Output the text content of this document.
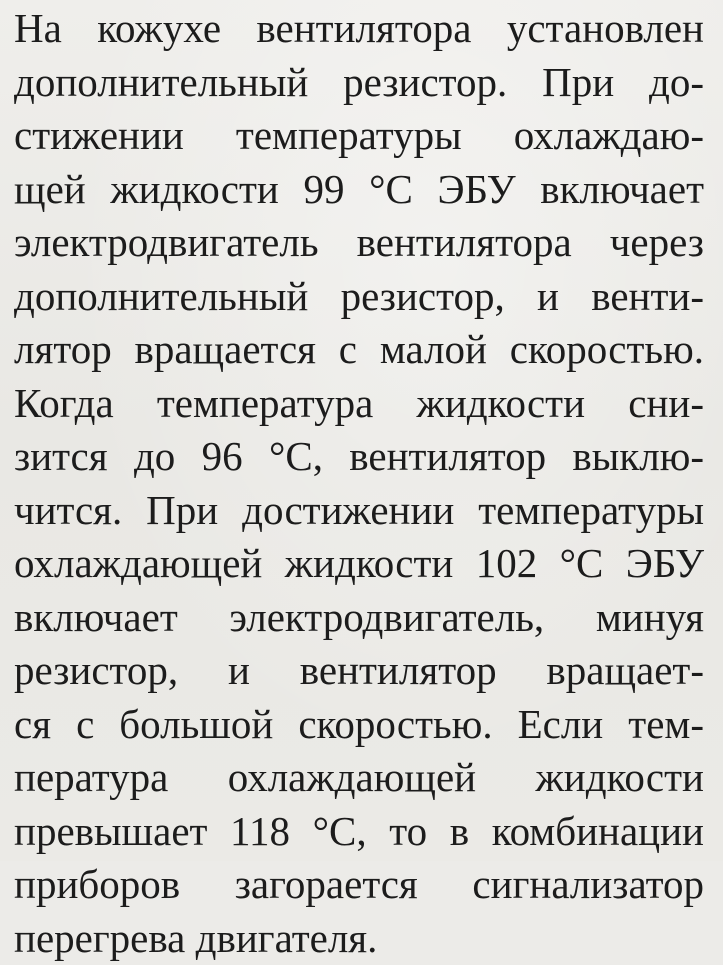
На кожухе вентилятора установлен
дополнительный резистор. При до-
стижении температуры охлаждаю-
щей жидкости 99 °С ЭБУ включает
электродвигатель вентилятора через
дополнительный резистор, и венти-
лятор вращается с малой скоростью.
Когда температура жидкости сни-
зится до 96 °С, вентилятор выклю-
чится. При достижении температуры
охлаждающей жидкости 102 °С ЭБУ
включает электродвигатель, минуя
резистор, и вентилятор вращает-
ся с большой скоростью. Если тем-
пература охлаждающей жидкости
превышает 118 °С, то в комбинации
приборов загорается сигнализатор
перегрева двигателя.
